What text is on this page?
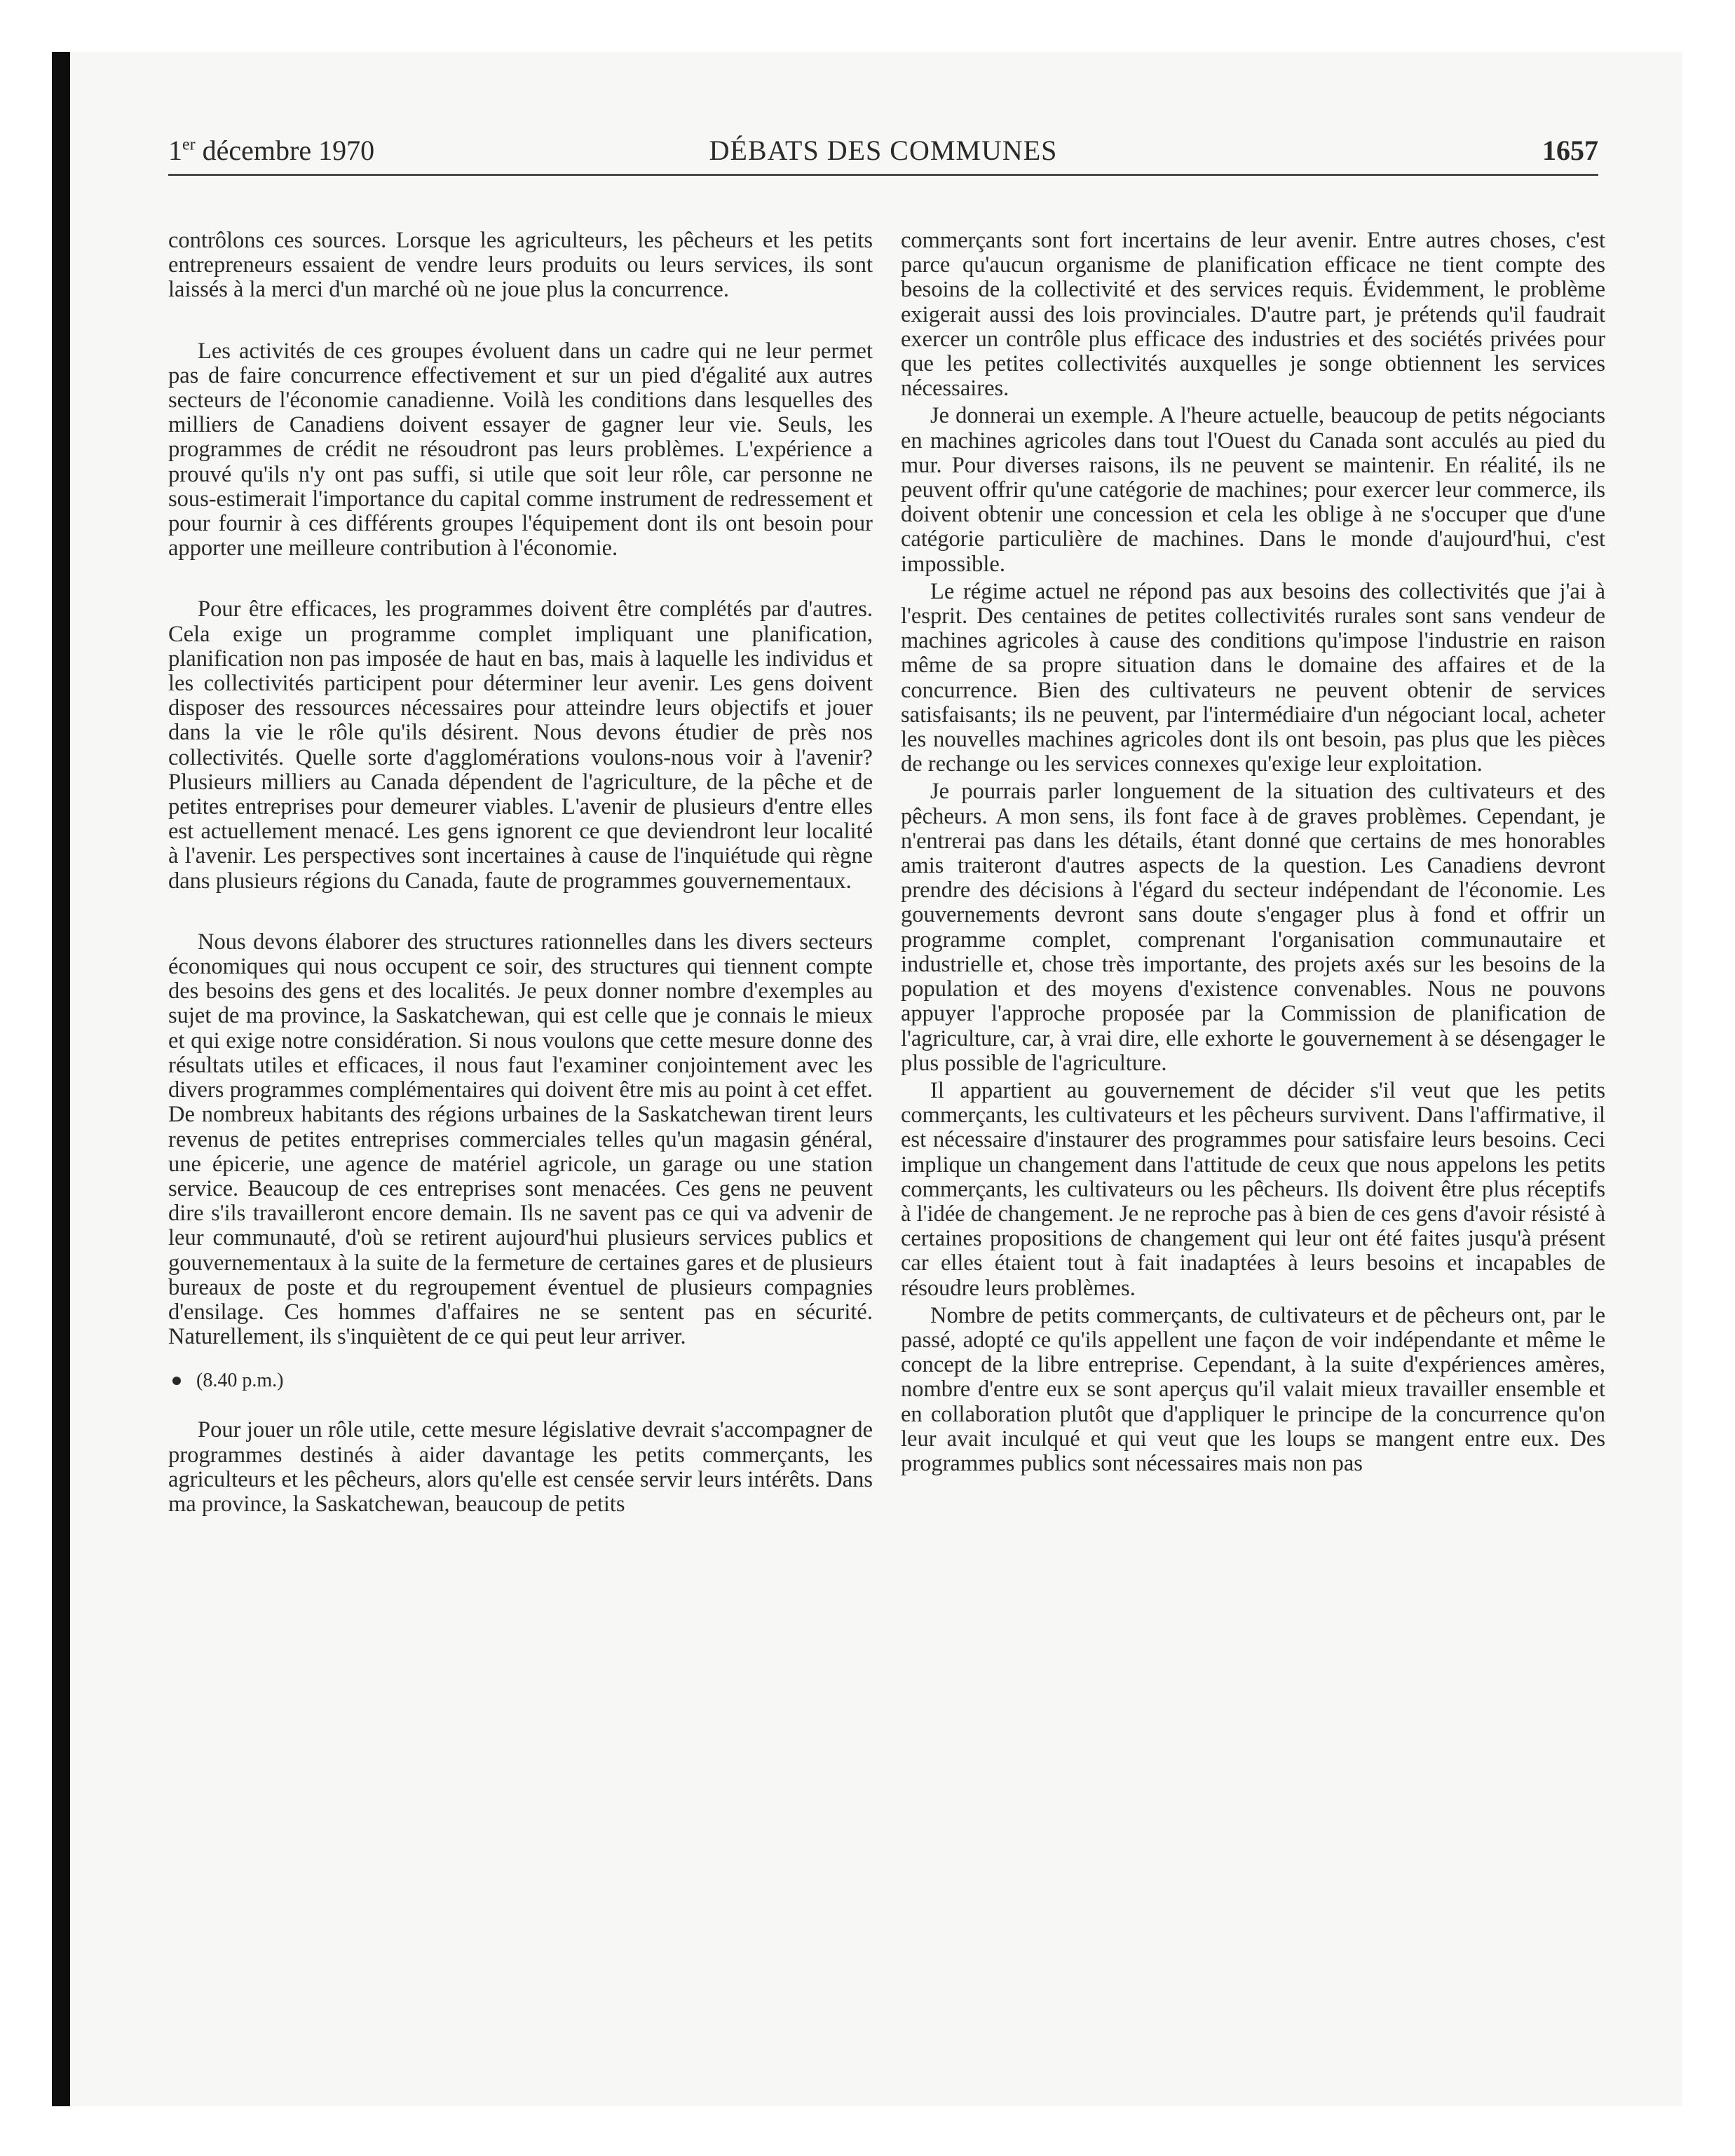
1er décembre 1970	DÉBATS DES COMMUNES	1657

contrôlons ces sources. Lorsque les agriculteurs, les pêcheurs et les petits entrepreneurs essaient de vendre leurs produits ou leurs services, ils sont laissés à la merci d'un marché où ne joue plus la concurrence.

Les activités de ces groupes évoluent dans un cadre qui ne leur permet pas de faire concurrence effectivement et sur un pied d'égalité aux autres secteurs de l'économie canadienne. Voilà les conditions dans lesquelles des milliers de Canadiens doivent essayer de gagner leur vie. Seuls, les programmes de crédit ne résoudront pas leurs problèmes. L'expérience a prouvé qu'ils n'y ont pas suffi, si utile que soit leur rôle, car personne ne sous-estimerait l'importance du capital comme instrument de redressement et pour fournir à ces différents groupes l'équipement dont ils ont besoin pour apporter une meilleure contribution à l'économie.

Pour être efficaces, les programmes doivent être complétés par d'autres. Cela exige un programme complet impliquant une planification, planification non pas imposée de haut en bas, mais à laquelle les individus et les collectivités participent pour déterminer leur avenir. Les gens doivent disposer des ressources nécessaires pour atteindre leurs objectifs et jouer dans la vie le rôle qu'ils désirent. Nous devons étudier de près nos collectivités. Quelle sorte d'agglomérations voulons-nous voir à l'avenir? Plusieurs milliers au Canada dépendent de l'agriculture, de la pêche et de petites entreprises pour demeurer viables. L'avenir de plusieurs d'entre elles est actuellement menacé. Les gens ignorent ce que deviendront leur localité à l'avenir. Les perspectives sont incertaines à cause de l'inquiétude qui règne dans plusieurs régions du Canada, faute de programmes gouvernementaux.

Nous devons élaborer des structures rationnelles dans les divers secteurs économiques qui nous occupent ce soir, des structures qui tiennent compte des besoins des gens et des localités. Je peux donner nombre d'exemples au sujet de ma province, la Saskatchewan, qui est celle que je connais le mieux et qui exige notre considération. Si nous voulons que cette mesure donne des résultats utiles et efficaces, il nous faut l'examiner conjointement avec les divers programmes complémentaires qui doivent être mis au point à cet effet. De nombreux habitants des régions urbaines de la Saskatchewan tirent leurs revenus de petites entreprises commerciales telles qu'un magasin général, une épicerie, une agence de matériel agricole, un garage ou une station service. Beaucoup de ces entreprises sont menacées. Ces gens ne peuvent dire s'ils travailleront encore demain. Ils ne savent pas ce qui va advenir de leur communauté, d'où se retirent aujourd'hui plusieurs services publics et gouvernementaux à la suite de la fermeture de certaines gares et de plusieurs bureaux de poste et du regroupement éventuel de plusieurs compagnies d'ensilage. Ces hommes d'affaires ne se sentent pas en sécurité. Naturellement, ils s'inquiètent de ce qui peut leur arriver.

(8.40 p.m.)

Pour jouer un rôle utile, cette mesure législative devrait s'accompagner de programmes destinés à aider davantage les petits commerçants, les agriculteurs et les pêcheurs, alors qu'elle est censée servir leurs intérêts. Dans ma province, la Saskatchewan, beaucoup de petits

commerçants sont fort incertains de leur avenir. Entre autres choses, c'est parce qu'aucun organisme de planification efficace ne tient compte des besoins de la collectivité et des services requis. Évidemment, le problème exigerait aussi des lois provinciales. D'autre part, je prétends qu'il faudrait exercer un contrôle plus efficace des industries et des sociétés privées pour que les petites collectivités auxquelles je songe obtiennent les services nécessaires.

Je donnerai un exemple. A l'heure actuelle, beaucoup de petits négociants en machines agricoles dans tout l'Ouest du Canada sont acculés au pied du mur. Pour diverses raisons, ils ne peuvent se maintenir. En réalité, ils ne peuvent offrir qu'une catégorie de machines; pour exercer leur commerce, ils doivent obtenir une concession et cela les oblige à ne s'occuper que d'une catégorie particulière de machines. Dans le monde d'aujourd'hui, c'est impossible.

Le régime actuel ne répond pas aux besoins des collectivités que j'ai à l'esprit. Des centaines de petites collectivités rurales sont sans vendeur de machines agricoles à cause des conditions qu'impose l'industrie en raison même de sa propre situation dans le domaine des affaires et de la concurrence. Bien des cultivateurs ne peuvent obtenir de services satisfaisants; ils ne peuvent, par l'intermédiaire d'un négociant local, acheter les nouvelles machines agricoles dont ils ont besoin, pas plus que les pièces de rechange ou les services connexes qu'exige leur exploitation.

Je pourrais parler longuement de la situation des cultivateurs et des pêcheurs. A mon sens, ils font face à de graves problèmes. Cependant, je n'entrerai pas dans les détails, étant donné que certains de mes honorables amis traiteront d'autres aspects de la question. Les Canadiens devront prendre des décisions à l'égard du secteur indépendant de l'économie. Les gouvernements devront sans doute s'engager plus à fond et offrir un programme complet, comprenant l'organisation communautaire et industrielle et, chose très importante, des projets axés sur les besoins de la population et des moyens d'existence convenables. Nous ne pouvons appuyer l'approche proposée par la Commission de planification de l'agriculture, car, à vrai dire, elle exhorte le gouvernement à se désengager le plus possible de l'agriculture.

Il appartient au gouvernement de décider s'il veut que les petits commerçants, les cultivateurs et les pêcheurs survivent. Dans l'affirmative, il est nécessaire d'instaurer des programmes pour satisfaire leurs besoins. Ceci implique un changement dans l'attitude de ceux que nous appelons les petits commerçants, les cultivateurs ou les pêcheurs. Ils doivent être plus réceptifs à l'idée de changement. Je ne reproche pas à bien de ces gens d'avoir résisté à certaines propositions de changement qui leur ont été faites jusqu'à présent car elles étaient tout à fait inadaptées à leurs besoins et incapables de résoudre leurs problèmes.

Nombre de petits commerçants, de cultivateurs et de pêcheurs ont, par le passé, adopté ce qu'ils appellent une façon de voir indépendante et même le concept de la libre entreprise. Cependant, à la suite d'expériences amères, nombre d'entre eux se sont aperçus qu'il valait mieux travailler ensemble et en collaboration plutôt que d'appliquer le principe de la concurrence qu'on leur avait inculqué et qui veut que les loups se mangent entre eux. Des programmes publics sont nécessaires mais non pas
